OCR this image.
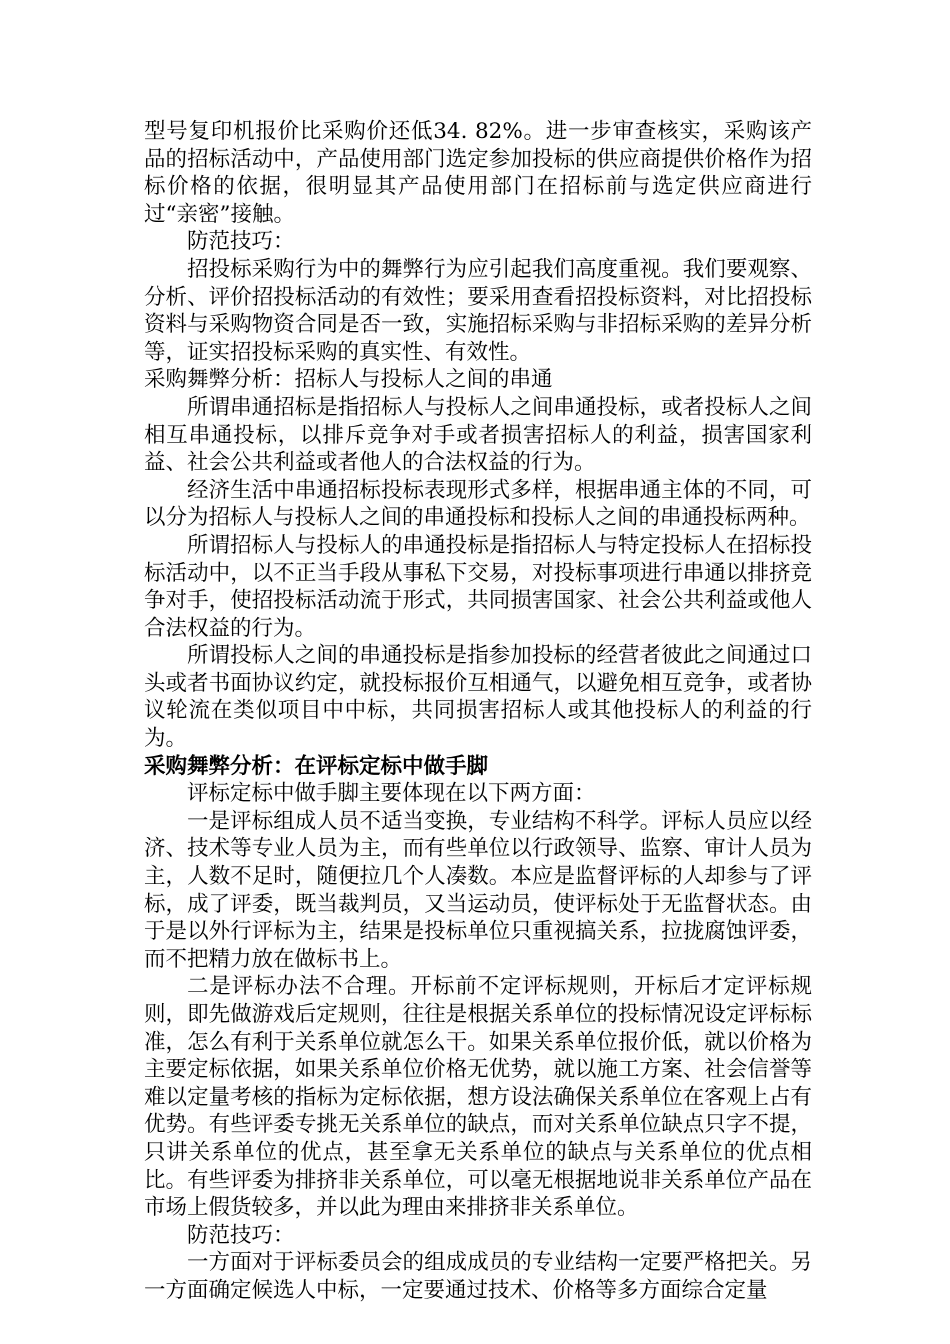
型号复印机报价比采购价还低34. 82%。进一步审查核实，采购该产品的招标活动中，产品使用部门选定参加投标的供应商提供价格作为招标价格的依据，很明显其产品使用部门在招标前与选定供应商进行过“亲密”接触。

防范技巧：

招投标采购行为中的舞弊行为应引起我们高度重视。我们要观察、分析、评价招投标活动的有效性；要采用查看招投标资料，对比招投标资料与采购物资合同是否一致，实施招标采购与非招标采购的差异分析等，证实招投标采购的真实性、有效性。

采购舞弊分析：招标人与投标人之间的串通

所谓串通招标是指招标人与投标人之间串通投标，或者投标人之间相互串通投标，以排斥竞争对手或者损害招标人的利益，损害国家利益、社会公共利益或者他人的合法权益的行为。

经济生活中串通招标投标表现形式多样，根据串通主体的不同，可以分为招标人与投标人之间的串通投标和投标人之间的串通投标两种。

所谓招标人与投标人的串通投标是指招标人与特定投标人在招标投标活动中，以不正当手段从事私下交易，对投标事项进行串通以排挤竞争对手，使招投标活动流于形式，共同损害国家、社会公共利益或他人合法权益的行为。

所谓投标人之间的串通投标是指参加投标的经营者彼此之间通过口头或者书面协议约定，就投标报价互相通气，以避免相互竞争，或者协议轮流在类似项目中中标，共同损害招标人或其他投标人的利益的行为。

采购舞弊分析：在评标定标中做手脚

评标定标中做手脚主要体现在以下两方面：

一是评标组成人员不适当变换，专业结构不科学。评标人员应以经济、技术等专业人员为主，而有些单位以行政领导、监察、审计人员为主，人数不足时，随便拉几个人凑数。本应是监督评标的人却参与了评标，成了评委，既当裁判员，又当运动员，使评标处于无监督状态。由于是以外行评标为主，结果是投标单位只重视搞关系，拉拢腐蚀评委，而不把精力放在做标书上。

二是评标办法不合理。开标前不定评标规则，开标后才定评标规则，即先做游戏后定规则，往往是根据关系单位的投标情况设定评标标准，怎么有利于关系单位就怎么干。如果关系单位报价低，就以价格为主要定标依据，如果关系单位价格无优势，就以施工方案、社会信誉等难以定量考核的指标为定标依据，想方设法确保关系单位在客观上占有优势。有些评委专挑无关系单位的缺点，而对关系单位缺点只字不提，只讲关系单位的优点，甚至拿无关系单位的缺点与关系单位的优点相比。有些评委为排挤非关系单位，可以毫无根据地说非关系单位产品在市场上假货较多，并以此为理由来排挤非关系单位。

防范技巧：

一方面对于评标委员会的组成成员的专业结构一定要严格把关。另一方面确定候选人中标，一定要通过技术、价格等多方面综合定量
